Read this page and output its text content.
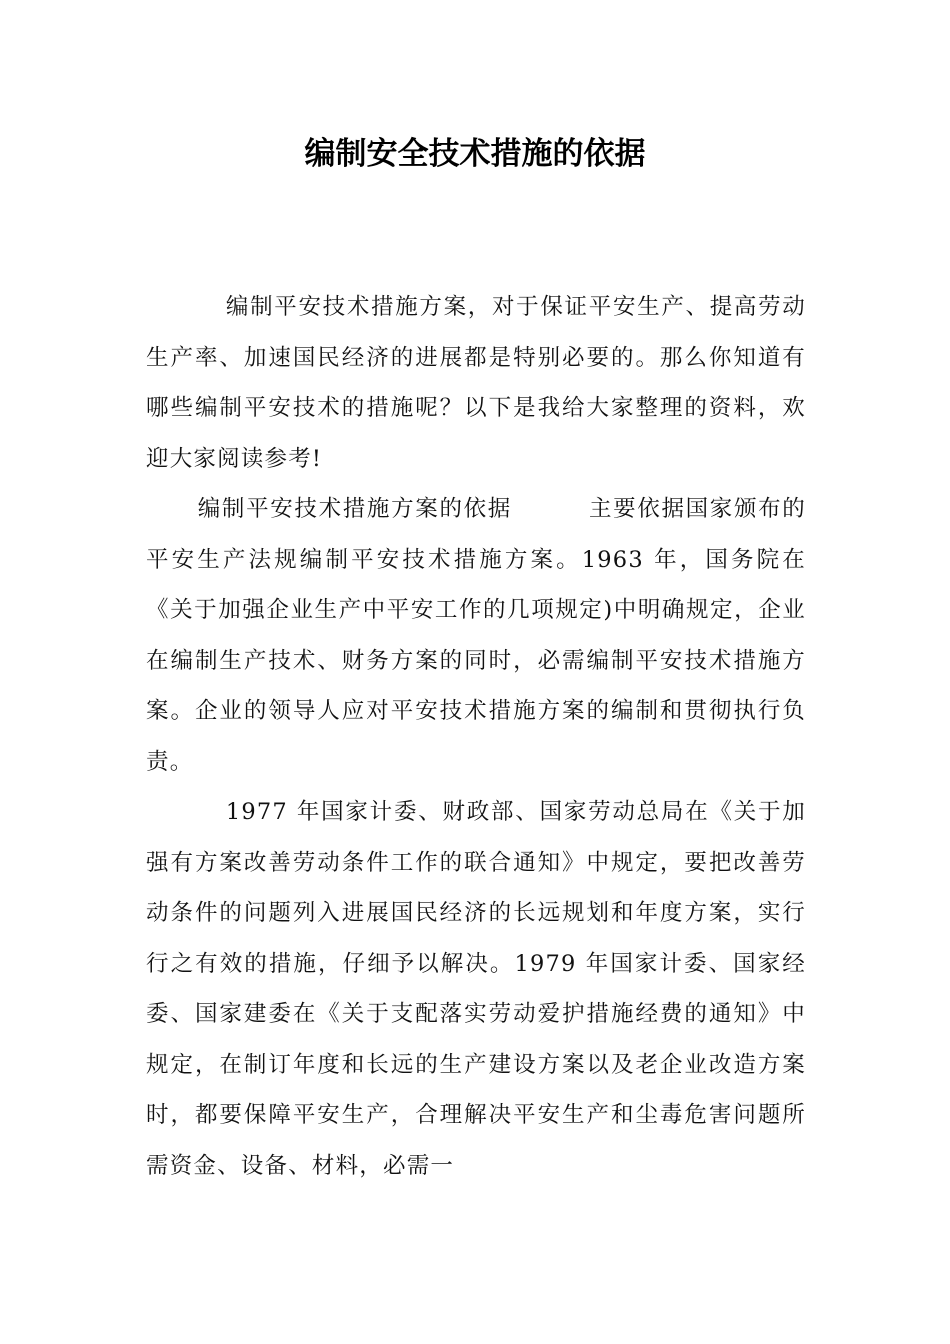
编制安全技术措施的依据

编制平安技术措施方案，对于保证平安生产、提高劳动生产率、加速国民经济的进展都是特别必要的。那么你知道有哪些编制平安技术的措施呢？以下是我给大家整理的资料，欢迎大家阅读参考!

编制平安技术措施方案的依据	主要依据国家颁布的平安生产法规编制平安技术措施方案。1963 年，国务院在《关于加强企业生产中平安工作的几项规定)中明确规定，企业在编制生产技术、财务方案的同时，必需编制平安技术措施方案。企业的领导人应对平安技术措施方案的编制和贯彻执行负责。

1977 年国家计委、财政部、国家劳动总局在《关于加强有方案改善劳动条件工作的联合通知》中规定，要把改善劳动条件的问题列入进展国民经济的长远规划和年度方案，实行行之有效的措施，仔细予以解决。1979 年国家计委、国家经委、国家建委在《关于支配落实劳动爱护措施经费的通知》中规定，在制订年度和长远的生产建设方案以及老企业改造方案时，都要保障平安生产，合理解决平安生产和尘毒危害问题所需资金、设备、材料，必需一
